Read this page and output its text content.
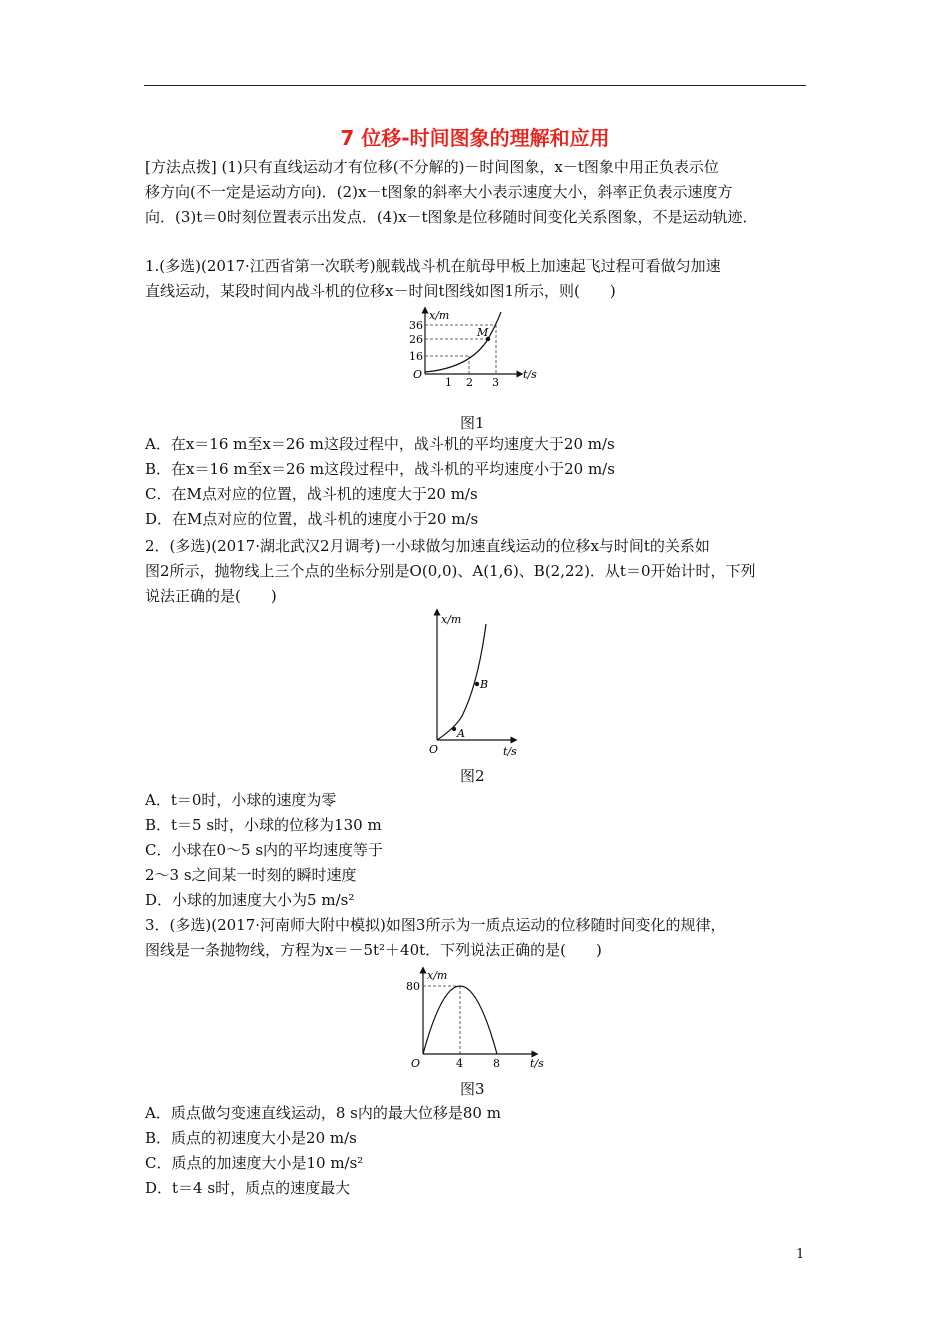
7 位移-时间图象的理解和应用
[方法点拨] (1)只有直线运动才有位移(不分解的)－时间图象，x－t图象中用正负表示位
移方向(不一定是运动方向)．(2)x－t图象的斜率大小表示速度大小，斜率正负表示速度方
向．(3)t＝0时刻位置表示出发点．(4)x－t图象是位移随时间变化关系图象，不是运动轨迹．
1.(多选)(2017·江西省第一次联考)舰载战斗机在航母甲板上加速起飞过程可看做匀加速
直线运动，某段时间内战斗机的位移x－时间t图线如图1所示，则(　　)
M
36
26
16
1 2 3
O
x/m
t/s
图1
A．在x＝16 m至x＝26 m这段过程中，战斗机的平均速度大于20 m/s
B．在x＝16 m至x＝26 m这段过程中，战斗机的平均速度小于20 m/s
C．在M点对应的位置，战斗机的速度大于20 m/s
D．在M点对应的位置，战斗机的速度小于20 m/s
2．(多选)(2017·湖北武汉2月调考)一小球做匀加速直线运动的位移x与时间t的关系如
图2所示，抛物线上三个点的坐标分别是O(0,0)、A(1,6)、B(2,22)．从t＝0开始计时，下列
说法正确的是(　　)
A
B
O
x/m
t/s
图2
A．t＝0时，小球的速度为零
B．t＝5 s时，小球的位移为130 m
C．小球在0～5 s内的平均速度等于
2～3 s之间某一时刻的瞬时速度
D．小球的加速度大小为5 m/s²
3．(多选)(2017·河南师大附中模拟)如图3所示为一质点运动的位移随时间变化的规律，
图线是一条抛物线，方程为x＝－5t²＋40t．下列说法正确的是(　　)
80
4	8
O
x/m
t/s
图3
A．质点做匀变速直线运动，8 s内的最大位移是80 m
B．质点的初速度大小是20 m/s
C．质点的加速度大小是10 m/s²
D．t＝4 s时，质点的速度最大
1
